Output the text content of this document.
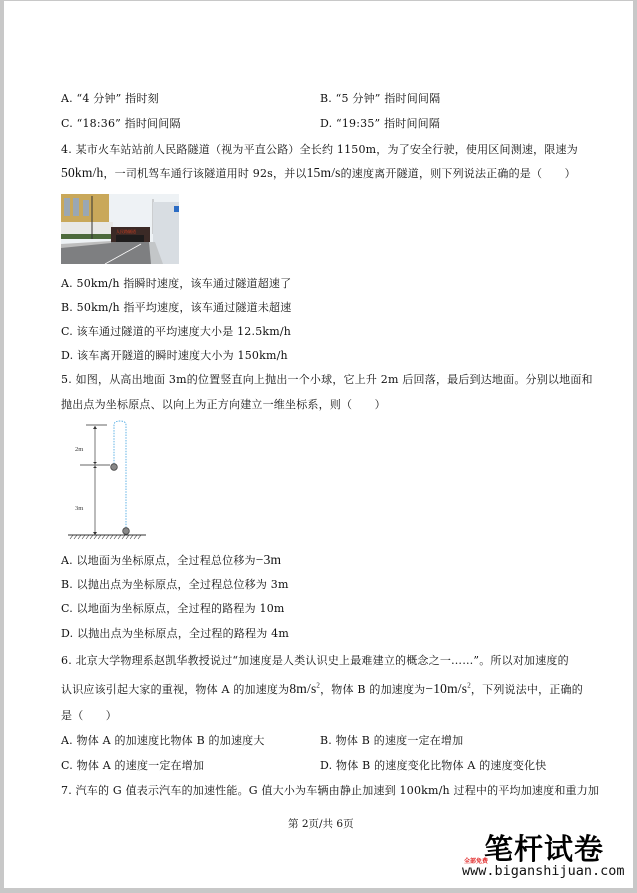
A. “4 分钟” 指时刻	B. “5 分钟” 指时间间隔
C. “18:36” 指时间间隔	D. “19:35” 指时间间隔
4. 某市火车站站前人民路隧道（视为平直公路）全长约 1150m，为了安全行驶，使用区间测速，限速为
50km/h，一司机驾车通行该隧道用时 92s，并以15m/s的速度离开隧道，则下列说法正确的是（　　）
人民路隧道
A. 50km/h 指瞬时速度，该车通过隧道超速了
B. 50km/h 指平均速度，该车通过隧道未超速
C. 该车通过隧道的平均速度大小是 12.5km/h
D. 该车离开隧道的瞬时速度大小为 150km/h
5. 如图，从高出地面 3m的位置竖直向上抛出一个小球，它上升 2m 后回落，最后到达地面。分别以地面和
抛出点为坐标原点、以向上为正方向建立一维坐标系，则（　　）
2m
3m
A. 以地面为坐标原点，全过程总位移为−3m
B. 以抛出点为坐标原点，全过程总位移为 3m
C. 以地面为坐标原点，全过程的路程为 10m
D. 以抛出点为坐标原点，全过程的路程为 4m
6. 北京大学物理系赵凯华教授说过“加速度是人类认识史上最难建立的概念之一……”。所以对加速度的
认识应该引起大家的重视，物体 A 的加速度为$8m/s^2$，物体 B 的加速度为$-10m/s^2$，下列说法中，正确的
是（　　）
A. 物体 A 的加速度比物体 B 的加速度大	B. 物体 B 的速度一定在增加
C. 物体 A 的速度一定在增加	D. 物体 B 的速度变化比物体 A 的速度变化快
7. 汽车的 G 值表示汽车的加速性能。G 值大小为车辆由静止加速到 100km/h 过程中的平均加速度和重力加
第 2页/共 6页
笔杆试卷
全部免费
www.biganshijuan.com
